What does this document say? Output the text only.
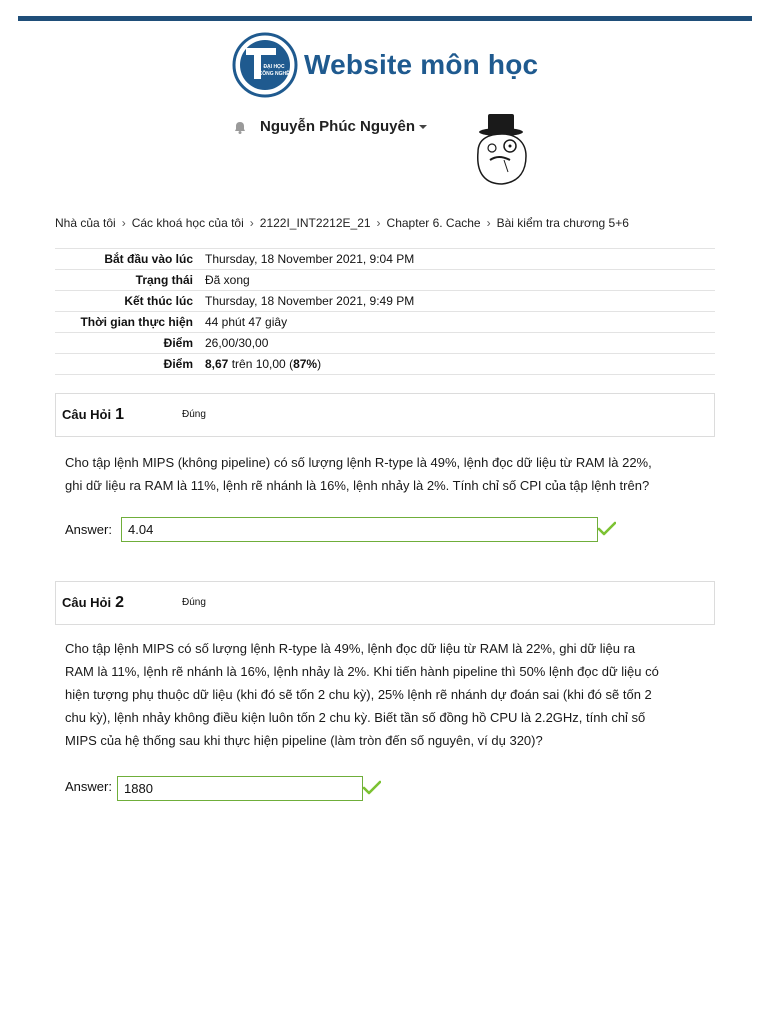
ĐẠI HỌC
CÔNG NGHỆ Website môn học
Nguyễn Phúc Nguyên
Nhà của tôi › Các khoá học của tôi › 2122I_INT2212E_21 › Chapter 6. Cache › Bài kiểm tra chương 5+6
Bắt đầu vào lúc	Thursday, 18 November 2021, 9:04 PM
Trạng thái	Đã xong
Kết thúc lúc	Thursday, 18 November 2021, 9:49 PM
Thời gian thực hiện	44 phút 47 giây
Điểm	26,00/30,00
Điểm	8,67 trên 10,00 (87%)
Câu Hỏi 1	Đúng
Cho tập lệnh MIPS (không pipeline) có số lượng lệnh R-type là 49%, lệnh đọc dữ liệu từ RAM là 22%,
ghi dữ liệu ra RAM là 11%, lệnh rẽ nhánh là 16%, lệnh nhảy là 2%. Tính chỉ số CPI của tập lệnh trên?
Answer:	4.04
Câu Hỏi 2	Đúng
Cho tập lệnh MIPS có số lượng lệnh R-type là 49%, lệnh đọc dữ liệu từ RAM là 22%, ghi dữ liệu ra
RAM là 11%, lệnh rẽ nhánh là 16%, lệnh nhảy là 2%. Khi tiến hành pipeline thì 50% lệnh đọc dữ liệu có
hiện tượng phụ thuộc dữ liệu (khi đó sẽ tốn 2 chu kỳ), 25% lệnh rẽ nhánh dự đoán sai (khi đó sẽ tốn 2
chu kỳ), lệnh nhảy không điều kiện luôn tốn 2 chu kỳ. Biết tần số đồng hồ CPU là 2.2GHz, tính chỉ số
MIPS của hệ thống sau khi thực hiện pipeline (làm tròn đến số nguyên, ví dụ 320)?
Answer: 1880
